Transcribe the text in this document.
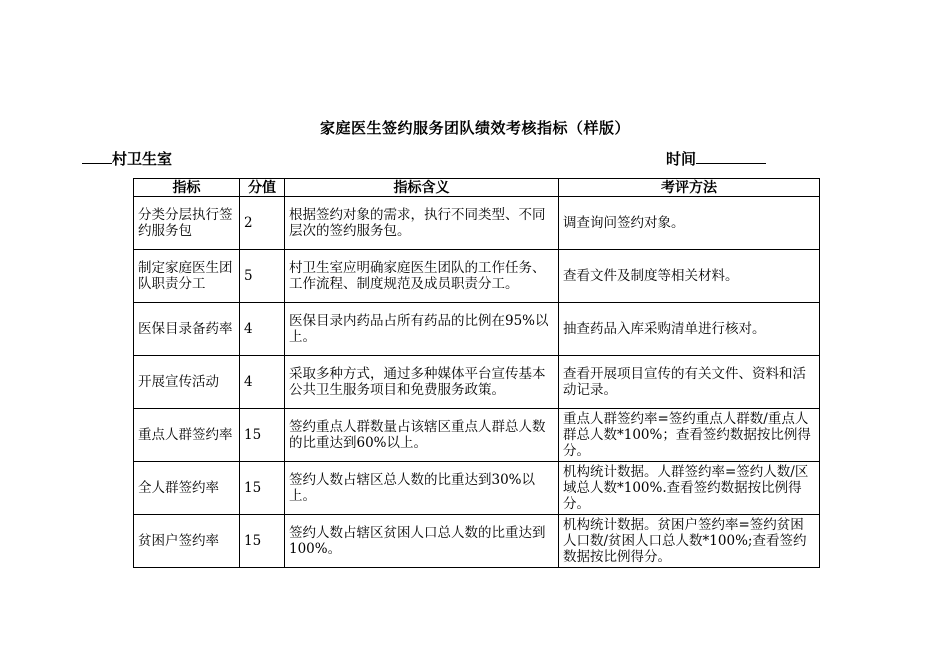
家庭医生签约服务团队绩效考核指标（样版）
村卫生室	时间
指标	分值	指标含义	考评方法
分类分层执行签约服务包	2	根据签约对象的需求，执行不同类型、不同层次的签约服务包。	调查询问签约对象。
制定家庭医生团队职责分工	5	村卫生室应明确家庭医生团队的工作任务、工作流程、制度规范及成员职责分工。	查看文件及制度等相关材料。
医保目录备药率	4	医保目录内药品占所有药品的比例在95%以上。	抽查药品入库采购清单进行核对。
开展宣传活动	4	采取多种方式，通过多种媒体平台宣传基本公共卫生服务项目和免费服务政策。	查看开展项目宣传的有关文件、资料和活动记录。
重点人群签约率	15	签约重点人群数量占该辖区重点人群总人数的比重达到60%以上。	重点人群签约率=签约重点人群数/重点人群总人数*100%；查看签约数据按比例得分。
全人群签约率	15	签约人数占辖区总人数的比重达到30%以上。	机构统计数据。人群签约率=签约人数/区域总人数*100%.查看签约数据按比例得分。
贫困户签约率	15	签约人数占辖区贫困人口总人数的比重达到100%。	机构统计数据。贫困户签约率=签约贫困人口数/贫困人口总人数*100%;查看签约数据按比例得分。
